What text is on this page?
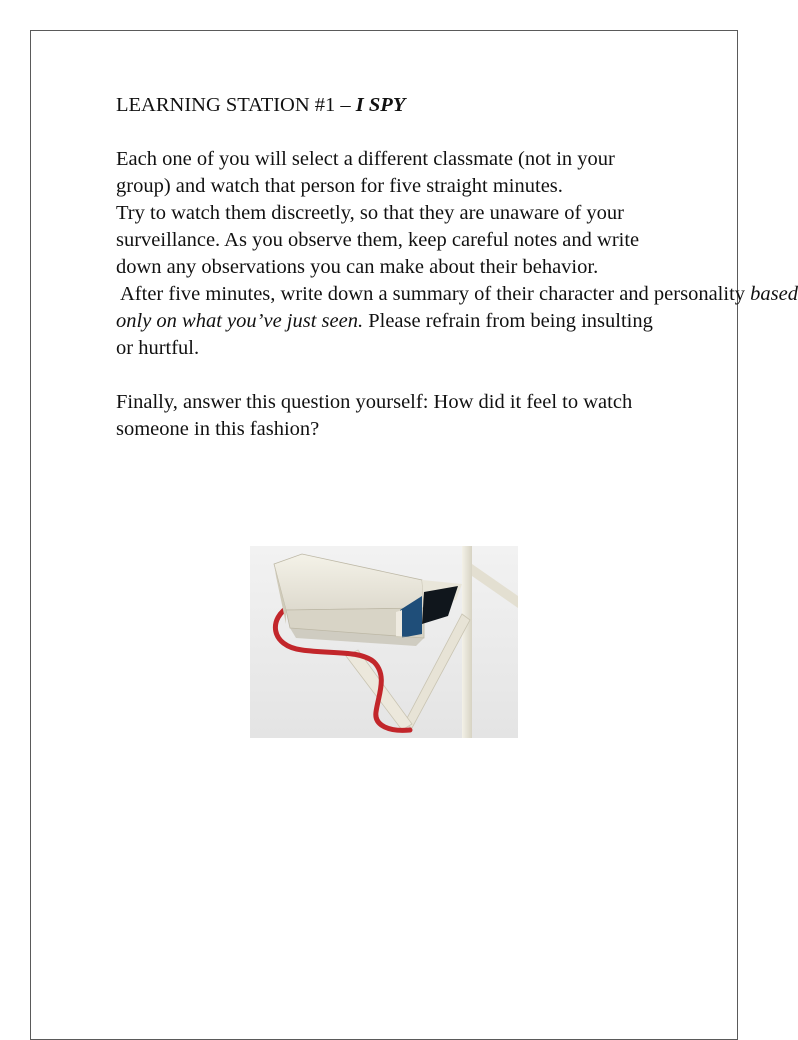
LEARNING STATION #1 – I SPY

Each one of you will select a different classmate (not in your group) and watch that person for five straight minutes.

Try to watch them discreetly, so that they are unaware of your surveillance. As you observe them, keep careful notes and write down any observations you can make about their behavior.

After five minutes, write down a summary of their character and personality based only on what you’ve just seen. Please refrain from being insulting or hurtful.

Finally, answer this question yourself: How did it feel to watch someone in this fashion?
